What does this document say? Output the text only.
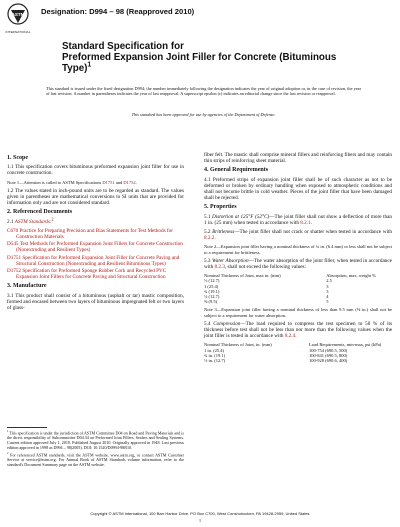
ASTM
INTERNATIONAL
Designation: D994 – 98 (Reapproved 2010)
Standard Specification for
Preformed Expansion Joint Filler for Concrete (Bituminous
Type)$^1$
This standard is issued under the fixed designation D994; the number immediately following the designation indicates the year of original adoption or, in the case of revision, the year of last revision. A number in parentheses indicates the year of last reapproval. A superscript epsilon (ε) indicates an editorial change since the last revision or reapproval.
This standard has been approved for use by agencies of the Department of Defense.
1. Scope

1.1 This specification covers bituminous preformed expansion joint filler for use in concrete construction.

Note 1—Attention is called to ASTM Specifications D1751 and D1752.

1.2 The values stated in inch-pound units are to be regarded as standard. The values given in parentheses are mathematical conversions to SI units that are provided for information only and are not considered standard.

2. Referenced Documents

2.1 ASTM Standards:$^2$

C670 Practice for Preparing Precision and Bias Statements for Test Methods for Construction Materials
D545 Test Methods for Preformed Expansion Joint Fillers for Concrete Construction (Nonextruding and Resilient Types)
D1751 Specification for Preformed Expansion Joint Filler for Concrete Paving and Structural Construction (Nonextruding and Resilient Bituminous Types)
D1752 Specification for Preformed Sponge Rubber Cork and Recycled PVC Expansion Joint Fillers for Concrete Paving and Structural Construction
3. Manufacture

3.1 This product shall consist of a bituminous (asphalt or tar) mastic composition, formed and encased between two layers of bituminous impregnated felt or two layers of glass-

fiber felt. The mastic shall comprise mineral fillers and reinforcing fibers and may contain thin strips of reinforcing sheet material.

4. General Requirements

4.1 Preformed strips of expansion joint filler shall be of such character as not to be deformed or broken by ordinary handling when exposed to atmospheric conditions and shall not become brittle in cold weather. Pieces of the joint filler that have been damaged shall be rejected.

5. Properties

5.1 Distortion at 125°F (52°C)—The joint filler shall not show a deflection of more than 1 in. (25 mm) when tested in accordance with 8.2.1.

5.2 Brittleness—The joint filler shall not crack or shatter when tested in accordance with 8.2.2.

Note 2—Expansion joint filler having a nominal thickness of ¼ in. (6.4 mm) or less shall not be subject to a requirement for brittleness.

5.3 Water Absorption—The water absorption of the joint filler, when tested in accordance with 8.2.3, shall not exceed the following values:

Nominal Thickness of Joint, max in. (mm)	Absorption, max, weight %
½ (12.7)	2.5
1 (25.4)	3
¾ (19.1)	3
½ (12.7)	4
⅜ (9.5)	5

Note 3—Expansion joint filler having a nominal thickness of less than 9.5 mm (⅜ in.) shall not be subject to a requirement for water absorption.

5.4 Compression—The load required to compress the test specimen to 50 % of its thickness before test shall not be less than nor more than the following values when the joint filler is tested in accordance with 8.2.4.

Nominal Thickness of Joint, in. (mm)	Load Requirements, min-max, psi (kPa)
1 in. (25.4)	100-754 (690.5, 500)
¾ in. (19.1)	100-841 (690.5, 800)
½ in. (12.7)	100-928 (690.6, 400)
$^1$ This specification is under the jurisdiction of ASTM Committee D04 on Road and Paving Materials and is the direct responsibility of Subcommittee D04.34 on Preformed Joint Fillers, Sealers and Sealing Systems. Current edition approved July 1, 2010. Published August 2010. Originally approved in 1948. Last previous edition approved in 1998 as D994 – 98(2005). DOI: 10.1520/D0994-98R10.
$^2$ For referenced ASTM standards, visit the ASTM website, www.astm.org, or contact ASTM Customer Service at service@astm.org. For Annual Book of ASTM Standards volume information, refer to the standard's Document Summary page on the ASTM website.
Copyright © ASTM International, 100 Barr Harbor Drive, PO Box C700, West Conshohocken, PA 19428-2959, United States
1
